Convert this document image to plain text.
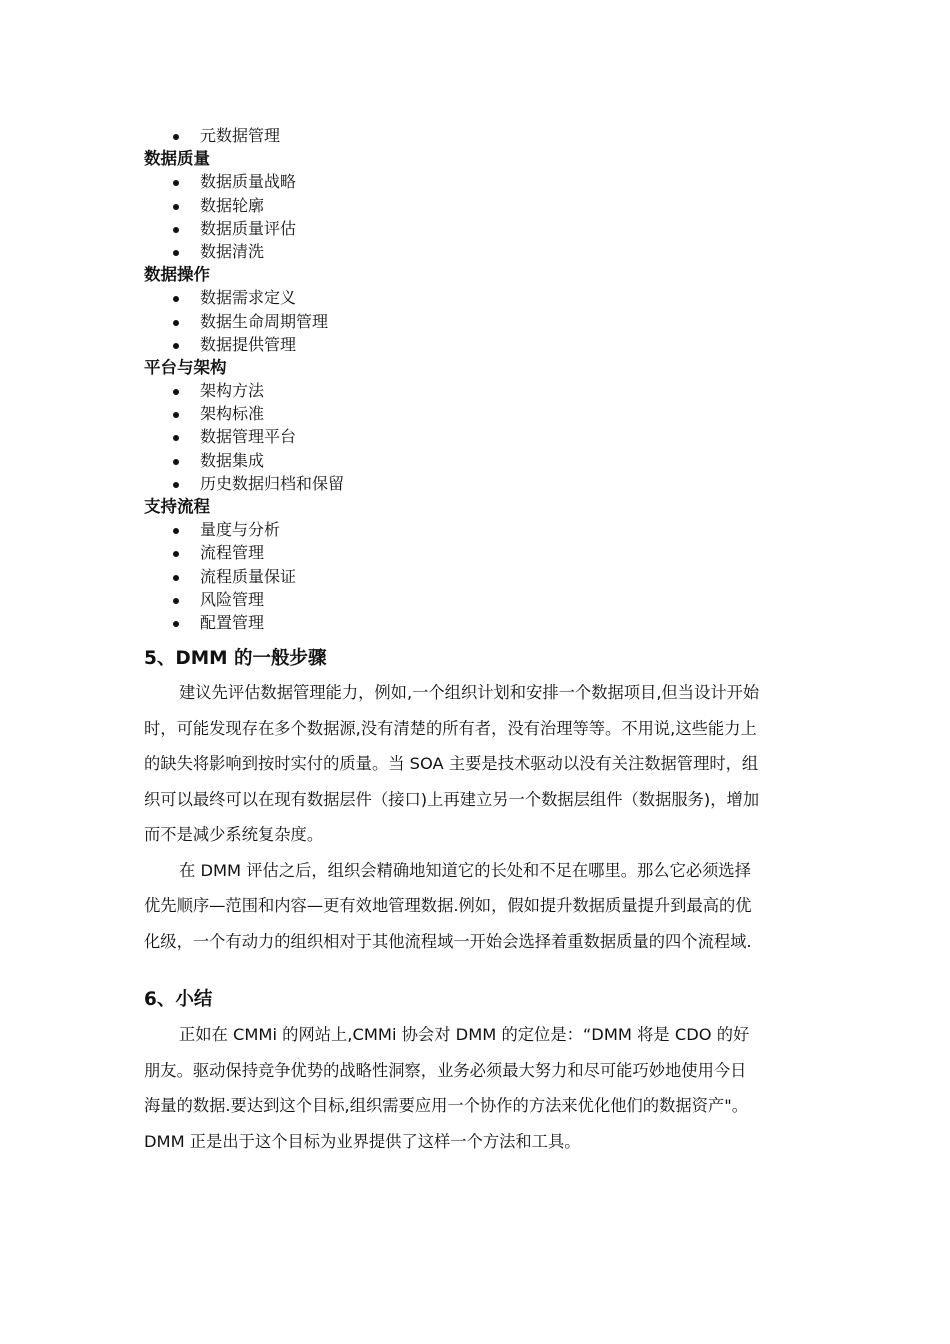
元数据管理
数据质量
数据质量战略
数据轮廓
数据质量评估
数据清洗
数据操作
数据需求定义
数据生命周期管理
数据提供管理
平台与架构
架构方法
架构标准
数据管理平台
数据集成
历史数据归档和保留
支持流程
量度与分析
流程管理
流程质量保证
风险管理
配置管理
5、DMM 的一般步骤

建议先评估数据管理能力，例如,一个组织计划和安排一个数据项目,但当设计开始
时，可能发现存在多个数据源,没有清楚的所有者，没有治理等等。不用说,这些能力上
的缺失将影响到按时实付的质量。当 SOA 主要是技术驱动以没有关注数据管理时，组
织可以最终可以在现有数据层件（接口)上再建立另一个数据层组件（数据服务)，增加
而不是减少系统复杂度。

在 DMM 评估之后，组织会精确地知道它的长处和不足在哪里。那么它必须选择
优先顺序—范围和内容—更有效地管理数据.例如，假如提升数据质量提升到最高的优
化级，一个有动力的组织相对于其他流程域一开始会选择着重数据质量的四个流程域.

6、小结

正如在 CMMi 的网站上,CMMi 协会对 DMM 的定位是：“DMM 将是 CDO 的好
朋友。驱动保持竞争优势的战略性洞察，业务必须最大努力和尽可能巧妙地使用今日
海量的数据.要达到这个目标,组织需要应用一个协作的方法来优化他们的数据资产"。
DMM 正是出于这个目标为业界提供了这样一个方法和工具。
